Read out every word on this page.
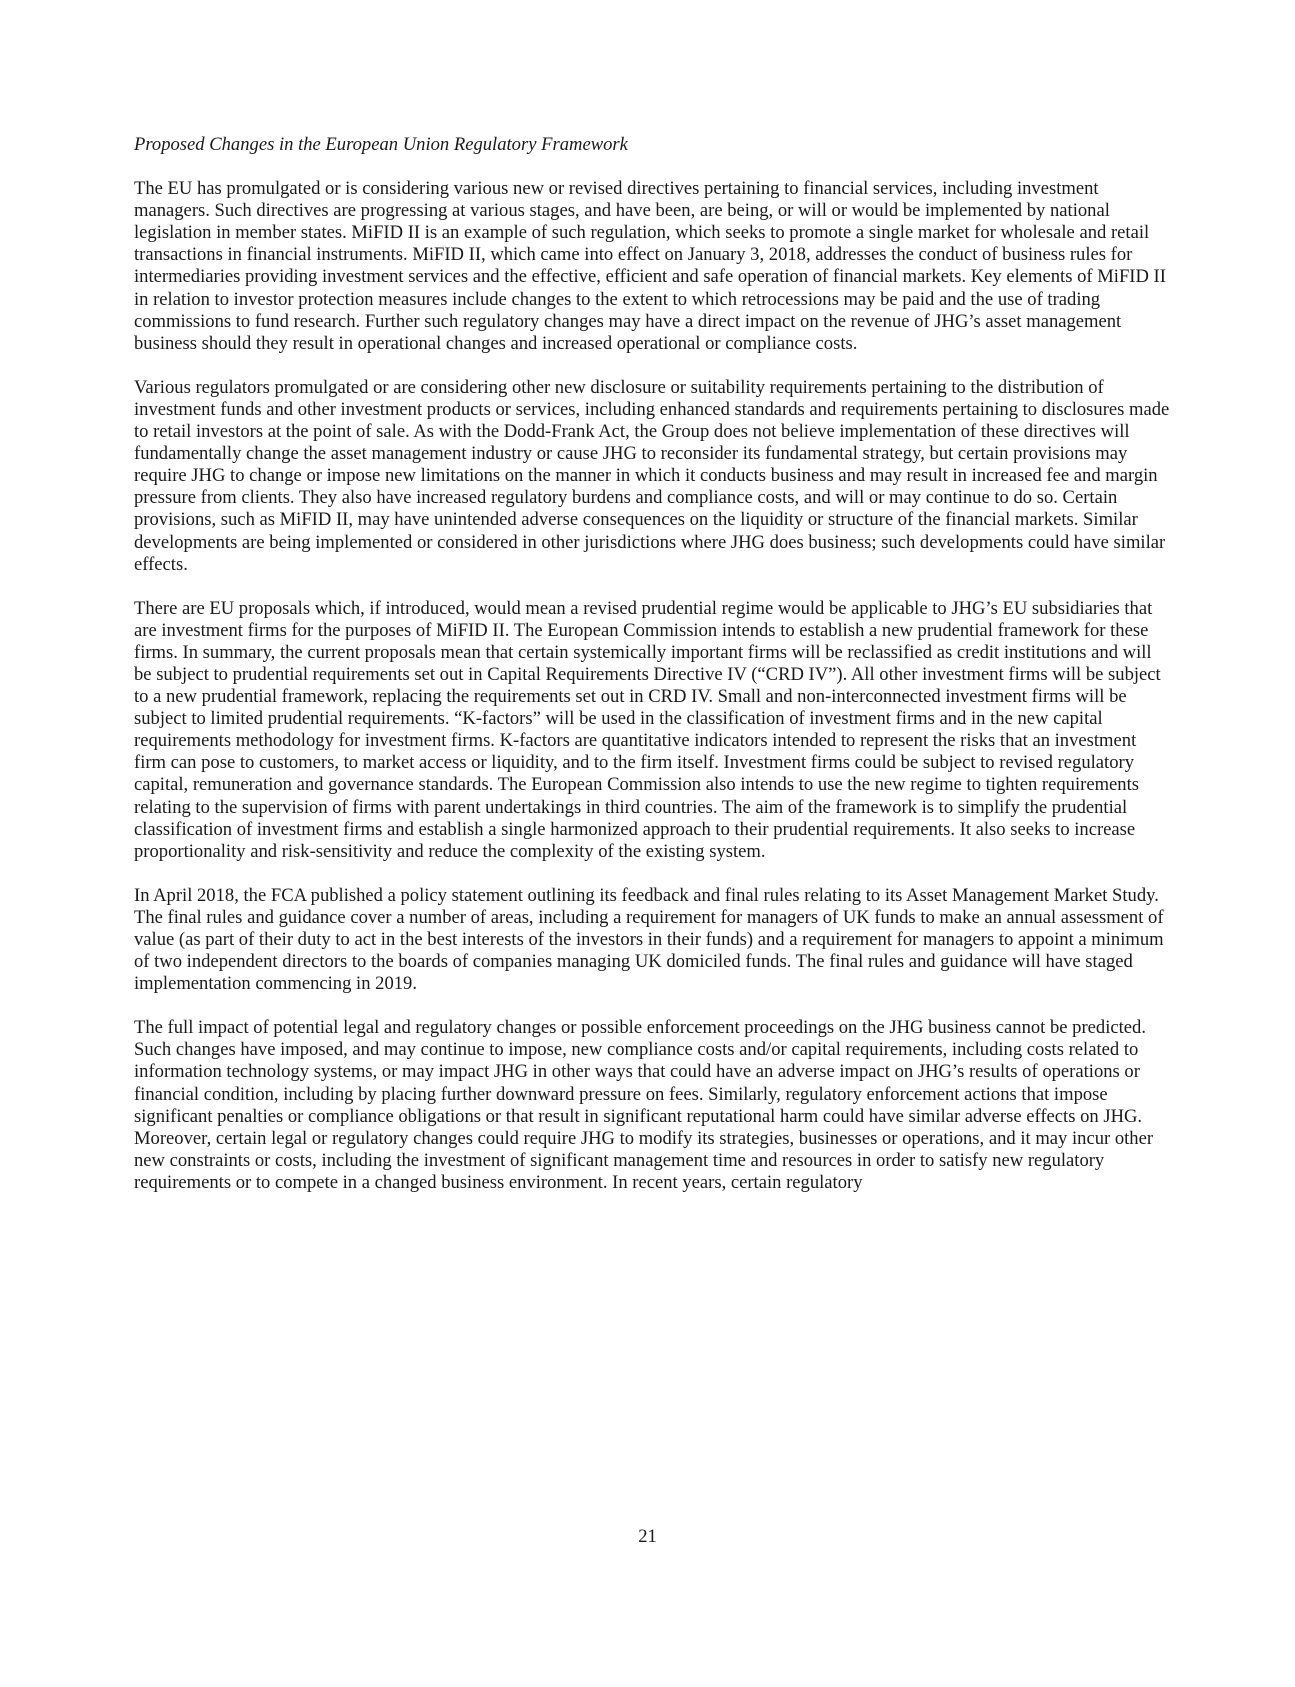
Proposed Changes in the European Union Regulatory Framework

The EU has promulgated or is considering various new or revised directives pertaining to financial services, including investment managers. Such directives are progressing at various stages, and have been, are being, or will or would be implemented by national legislation in member states. MiFID II is an example of such regulation, which seeks to promote a single market for wholesale and retail transactions in financial instruments. MiFID II, which came into effect on January 3, 2018, addresses the conduct of business rules for intermediaries providing investment services and the effective, efficient and safe operation of financial markets. Key elements of MiFID II in relation to investor protection measures include changes to the extent to which retrocessions may be paid and the use of trading commissions to fund research. Further such regulatory changes may have a direct impact on the revenue of JHG’s asset management business should they result in operational changes and increased operational or compliance costs.

Various regulators promulgated or are considering other new disclosure or suitability requirements pertaining to the distribution of investment funds and other investment products or services, including enhanced standards and requirements pertaining to disclosures made to retail investors at the point of sale. As with the Dodd-Frank Act, the Group does not believe implementation of these directives will fundamentally change the asset management industry or cause JHG to reconsider its fundamental strategy, but certain provisions may require JHG to change or impose new limitations on the manner in which it conducts business and may result in increased fee and margin pressure from clients. They also have increased regulatory burdens and compliance costs, and will or may continue to do so. Certain provisions, such as MiFID II, may have unintended adverse consequences on the liquidity or structure of the financial markets. Similar developments are being implemented or considered in other jurisdictions where JHG does business; such developments could have similar effects.

There are EU proposals which, if introduced, would mean a revised prudential regime would be applicable to JHG’s EU subsidiaries that are investment firms for the purposes of MiFID II. The European Commission intends to establish a new prudential framework for these firms. In summary, the current proposals mean that certain systemically important firms will be reclassified as credit institutions and will be subject to prudential requirements set out in Capital Requirements Directive IV (“CRD IV”). All other investment firms will be subject to a new prudential framework, replacing the requirements set out in CRD IV. Small and non-interconnected investment firms will be subject to limited prudential requirements. “K-factors” will be used in the classification of investment firms and in the new capital requirements methodology for investment firms. K-factors are quantitative indicators intended to represent the risks that an investment firm can pose to customers, to market access or liquidity, and to the firm itself. Investment firms could be subject to revised regulatory capital, remuneration and governance standards. The European Commission also intends to use the new regime to tighten requirements relating to the supervision of firms with parent undertakings in third countries. The aim of the framework is to simplify the prudential classification of investment firms and establish a single harmonized approach to their prudential requirements. It also seeks to increase proportionality and risk-sensitivity and reduce the complexity of the existing system.

In April 2018, the FCA published a policy statement outlining its feedback and final rules relating to its Asset Management Market Study. The final rules and guidance cover a number of areas, including a requirement for managers of UK funds to make an annual assessment of value (as part of their duty to act in the best interests of the investors in their funds) and a requirement for managers to appoint a minimum of two independent directors to the boards of companies managing UK domiciled funds. The final rules and guidance will have staged implementation commencing in 2019.

The full impact of potential legal and regulatory changes or possible enforcement proceedings on the JHG business cannot be predicted. Such changes have imposed, and may continue to impose, new compliance costs and/or capital requirements, including costs related to information technology systems, or may impact JHG in other ways that could have an adverse impact on JHG’s results of operations or financial condition, including by placing further downward pressure on fees. Similarly, regulatory enforcement actions that impose significant penalties or compliance obligations or that result in significant reputational harm could have similar adverse effects on JHG. Moreover, certain legal or regulatory changes could require JHG to modify its strategies, businesses or operations, and it may incur other new constraints or costs, including the investment of significant management time and resources in order to satisfy new regulatory requirements or to compete in a changed business environment. In recent years, certain regulatory

21
